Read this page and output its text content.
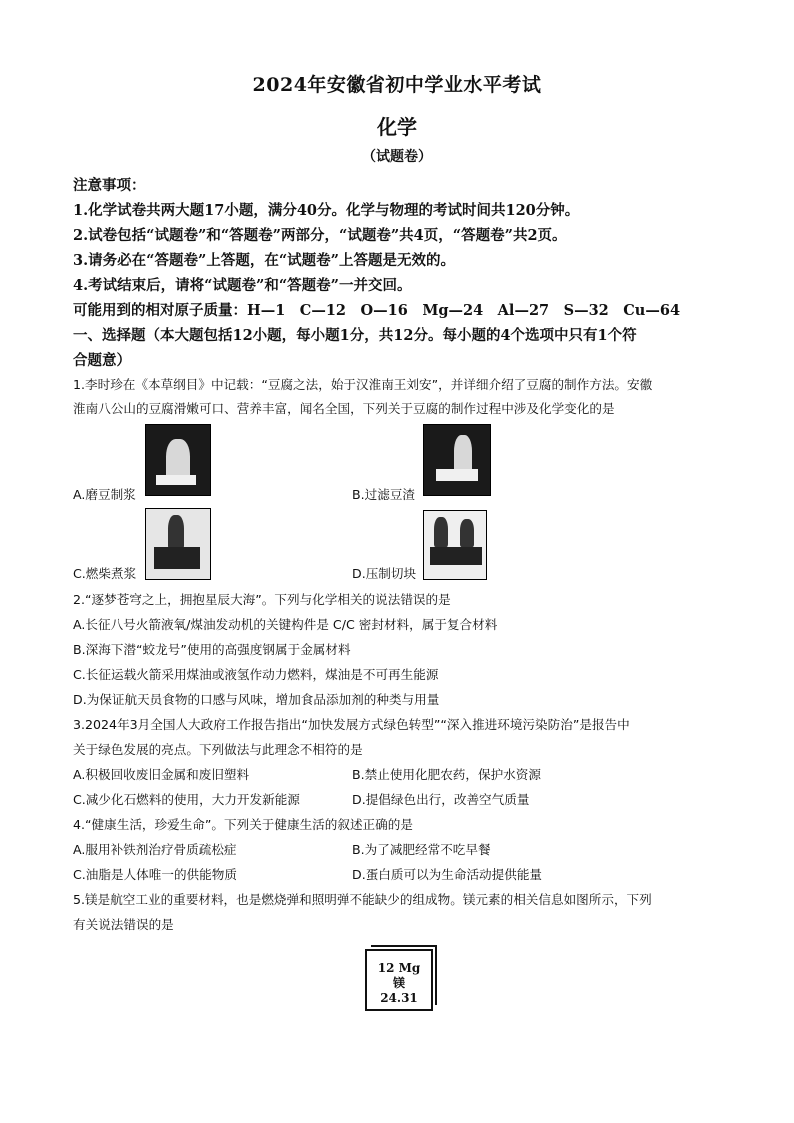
2024年安徽省初中学业水平考试
化学
（试题卷）
注意事项：
1.化学试卷共两大题17小题，满分40分。化学与物理的考试时间共120分钟。
2.试卷包括“试题卷”和“答题卷”两部分，“试题卷”共4页，“答题卷”共2页。
3.请务必在“答题卷”上答题，在“试题卷”上答题是无效的。
4.考试结束后，请将“试题卷”和“答题卷”一并交回。
可能用到的相对原子质量：H—1　C—12　O—16　Mg—24　Al—27　S—32　Cu—64
一、选择题（本大题包括12小题，每小题1分，共12分。每小题的4个选项中只有1个符
合题意）
1.李时珍在《本草纲目》中记载：“豆腐之法，始于汉淮南王刘安”，并详细介绍了豆腐的制作方法。安徽
淮南八公山的豆腐滑嫩可口、营养丰富，闻名全国，下列关于豆腐的制作过程中涉及化学变化的是
A.磨豆制浆	B.过滤豆渣
C.燃柴煮浆	D.压制切块
2.“逐梦苍穹之上，拥抱星辰大海”。下列与化学相关的说法错误的是
A.长征八号火箭液氧/煤油发动机的关键构件是 C/C 密封材料，属于复合材料
B.深海下潜“蛟龙号”使用的高强度钢属于金属材料
C.长征运载火箭采用煤油或液氢作动力燃料，煤油是不可再生能源
D.为保证航天员食物的口感与风味，增加食品添加剂的种类与用量
3.2024年3月全国人大政府工作报告指出“加快发展方式绿色转型”“深入推进环境污染防治”是报告中
关于绿色发展的亮点。下列做法与此理念不相符的是
A.积极回收废旧金属和废旧塑料	B.禁止使用化肥农药，保护水资源
C.减少化石燃料的使用，大力开发新能源	D.提倡绿色出行，改善空气质量
4.“健康生活，珍爱生命”。下列关于健康生活的叙述正确的是
A.服用补铁剂治疗骨质疏松症	B.为了减肥经常不吃早餐
C.油脂是人体唯一的供能物质	D.蛋白质可以为生命活动提供能量
5.镁是航空工业的重要材料，也是燃烧弹和照明弹不能缺少的组成物。镁元素的相关信息如图所示，下列
有关说法错误的是
12 Mg
镁
24.31
